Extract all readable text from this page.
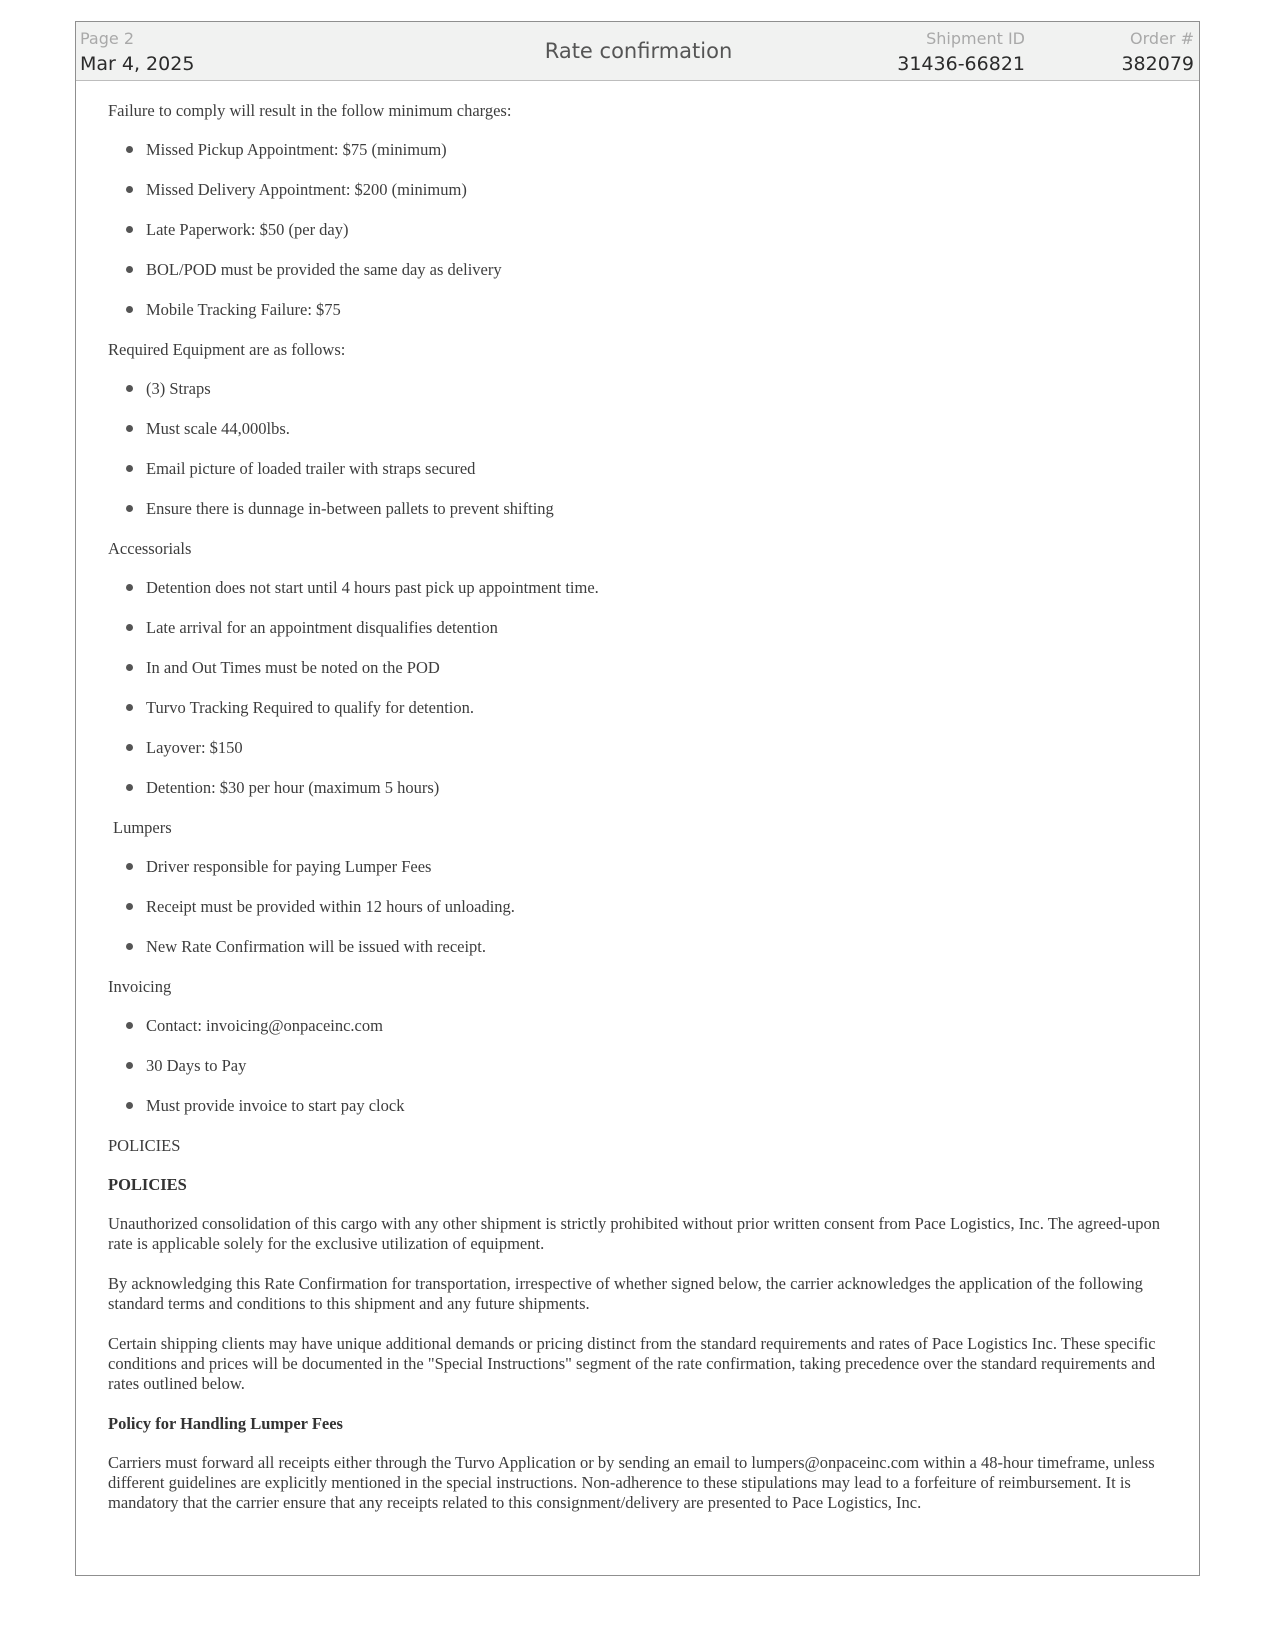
Page 2
Mar 4, 2025
Rate confirmation
Shipment ID
31436-66821
Order #
382079

Failure to comply will result in the follow minimum charges:

Missed Pickup Appointment: $75 (minimum)
Missed Delivery Appointment: $200 (minimum)
Late Paperwork: $50 (per day)
BOL/POD must be provided the same day as delivery
Mobile Tracking Failure: $75

Required Equipment are as follows:

(3) Straps
Must scale 44,000lbs.
Email picture of loaded trailer with straps secured
Ensure there is dunnage in-between pallets to prevent shifting

Accessorials

Detention does not start until 4 hours past pick up appointment time.
Late arrival for an appointment disqualifies detention
In and Out Times must be noted on the POD
Turvo Tracking Required to qualify for detention.
Layover: $150
Detention: $30 per hour (maximum 5 hours)

Lumpers

Driver responsible for paying Lumper Fees
Receipt must be provided within 12 hours of unloading.
New Rate Confirmation will be issued with receipt.

Invoicing

Contact: invoicing@onpaceinc.com
30 Days to Pay
Must provide invoice to start pay clock

POLICIES

POLICIES

Unauthorized consolidation of this cargo with any other shipment is strictly prohibited without prior written consent from Pace Logistics, Inc. The agreed-upon rate is applicable solely for the exclusive utilization of equipment.

By acknowledging this Rate Confirmation for transportation, irrespective of whether signed below, the carrier acknowledges the application of the following standard terms and conditions to this shipment and any future shipments.

Certain shipping clients may have unique additional demands or pricing distinct from the standard requirements and rates of Pace Logistics Inc. These specific conditions and prices will be documented in the "Special Instructions" segment of the rate confirmation, taking precedence over the standard requirements and rates outlined below.

Policy for Handling Lumper Fees

Carriers must forward all receipts either through the Turvo Application or by sending an email to lumpers@onpaceinc.com within a 48-hour timeframe, unless different guidelines are explicitly mentioned in the special instructions. Non-adherence to these stipulations may lead to a forfeiture of reimbursement. It is mandatory that the carrier ensure that any receipts related to this consignment/delivery are presented to Pace Logistics, Inc.
